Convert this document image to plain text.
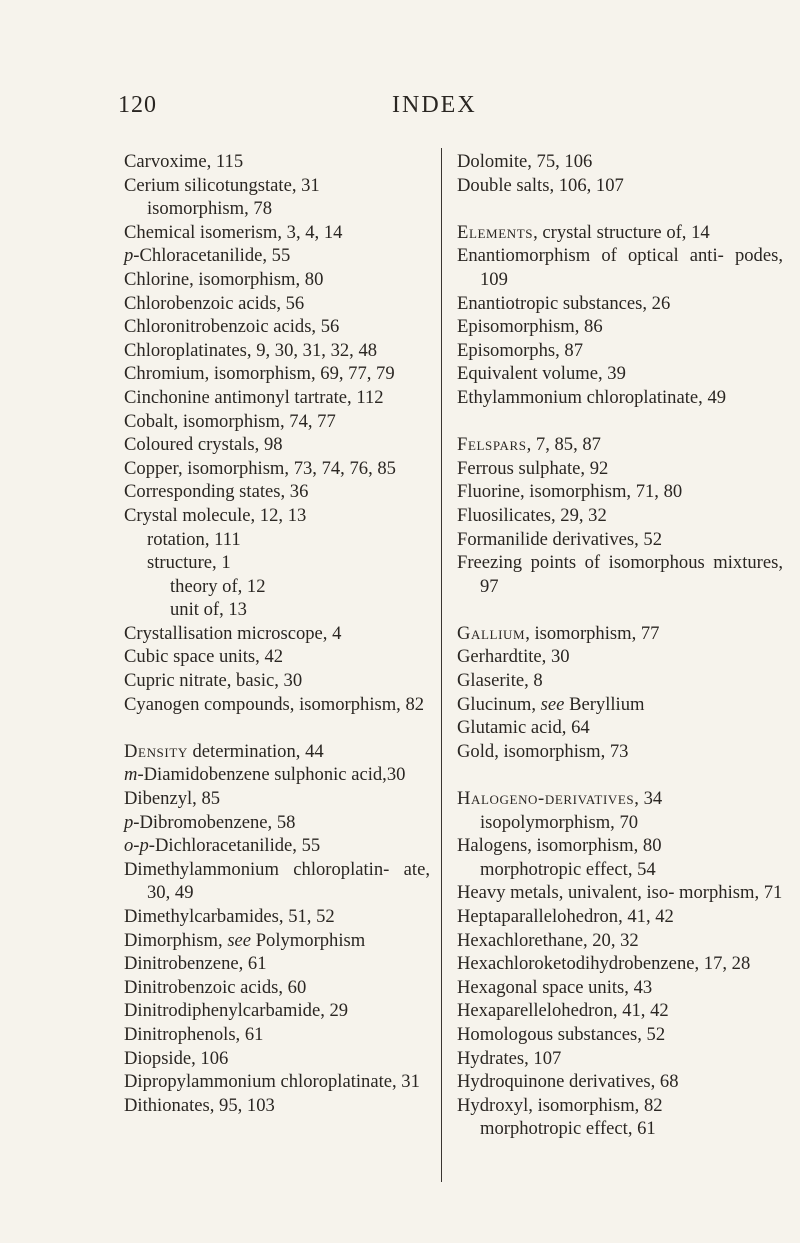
120	INDEX
Carvoxime, 115
Cerium silicotungstate, 31
isomorphism, 78
Chemical isomerism, 3, 4, 14
p-Chloracetanilide, 55
Chlorine, isomorphism, 80
Chlorobenzoic acids, 56
Chloronitrobenzoic acids, 56
Chloroplatinates, 9, 30, 31, 32, 48
Chromium, isomorphism, 69, 77, 79
Cinchonine antimonyl tartrate, 112
Cobalt, isomorphism, 74, 77
Coloured crystals, 98
Copper, isomorphism, 73, 74, 76, 85
Corresponding states, 36
Crystal molecule, 12, 13
rotation, 111
structure, 1
theory of, 12
unit of, 13
Crystallisation microscope, 4
Cubic space units, 42
Cupric nitrate, basic, 30
Cyanogen compounds, isomorphism, 82
Density determination, 44
m-Diamidobenzene sulphonic acid,30
Dibenzyl, 85
p-Dibromobenzene, 58
o-p-Dichloracetanilide, 55
Dimethylammonium chloroplatin- ate, 30, 49
Dimethylcarbamides, 51, 52
Dimorphism, see Polymorphism
Dinitrobenzene, 61
Dinitrobenzoic acids, 60
Dinitrodiphenylcarbamide, 29
Dinitrophenols, 61
Diopside, 106
Dipropylammonium chloroplatinate, 31
Dithionates, 95, 103
Dolomite, 75, 106
Double salts, 106, 107
Elements, crystal structure of, 14
Enantiomorphism of optical anti- podes, 109
Enantiotropic substances, 26
Episomorphism, 86
Episomorphs, 87
Equivalent volume, 39
Ethylammonium chloroplatinate, 49
Felspars, 7, 85, 87
Ferrous sulphate, 92
Fluorine, isomorphism, 71, 80
Fluosilicates, 29, 32
Formanilide derivatives, 52
Freezing points of isomorphous mixtures, 97
Gallium, isomorphism, 77
Gerhardtite, 30
Glaserite, 8
Glucinum, see Beryllium
Glutamic acid, 64
Gold, isomorphism, 73
Halogeno-derivatives, 34
isopolymorphism, 70
Halogens, isomorphism, 80
morphotropic effect, 54
Heavy metals, univalent, iso- morphism, 71
Heptaparallelohedron, 41, 42
Hexachlorethane, 20, 32
Hexachloroketodihydrobenzene, 17, 28
Hexagonal space units, 43
Hexaparellelohedron, 41, 42
Homologous substances, 52
Hydrates, 107
Hydroquinone derivatives, 68
Hydroxyl, isomorphism, 82
morphotropic effect, 61
